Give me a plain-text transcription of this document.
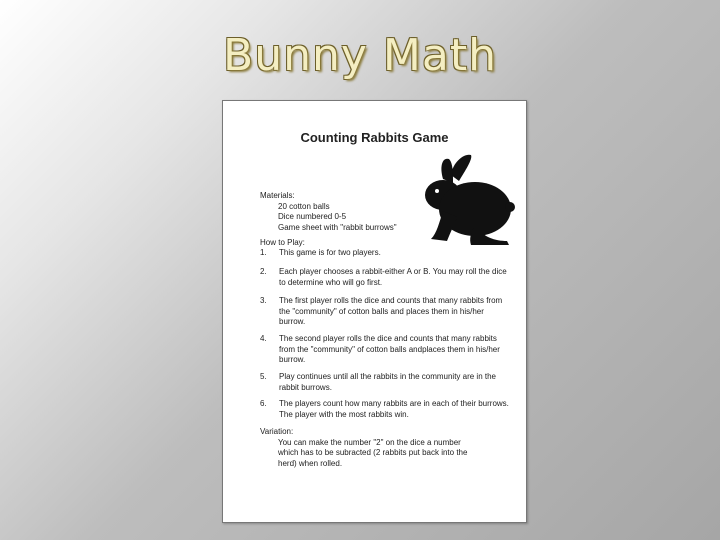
Bunny Math
Counting Rabbits Game
Materials:
20 cotton balls
Dice numbered 0-5
Game sheet with "rabbit burrows"
How to Play:
1.	This game is for two players.
2.	Each player chooses a rabbit-either A or B. You may roll the dice to determine who will go first.
3.	The first player rolls the dice and counts that many rabbits from the "community" of cotton balls and places them in his/her burrow.
4.	The second player rolls the dice and counts that many rabbits from the "community" of cotton balls andplaces them in his/her burrow.
5.	Play continues until all the rabbits in the community are in the rabbit burrows.
6.	The players count how many rabbits are in each of their burrows. The player with the most rabbits win.
Variation:
You can make the number "2" on the dice a number
which has to be subracted (2 rabbits put back into the
herd) when rolled.
